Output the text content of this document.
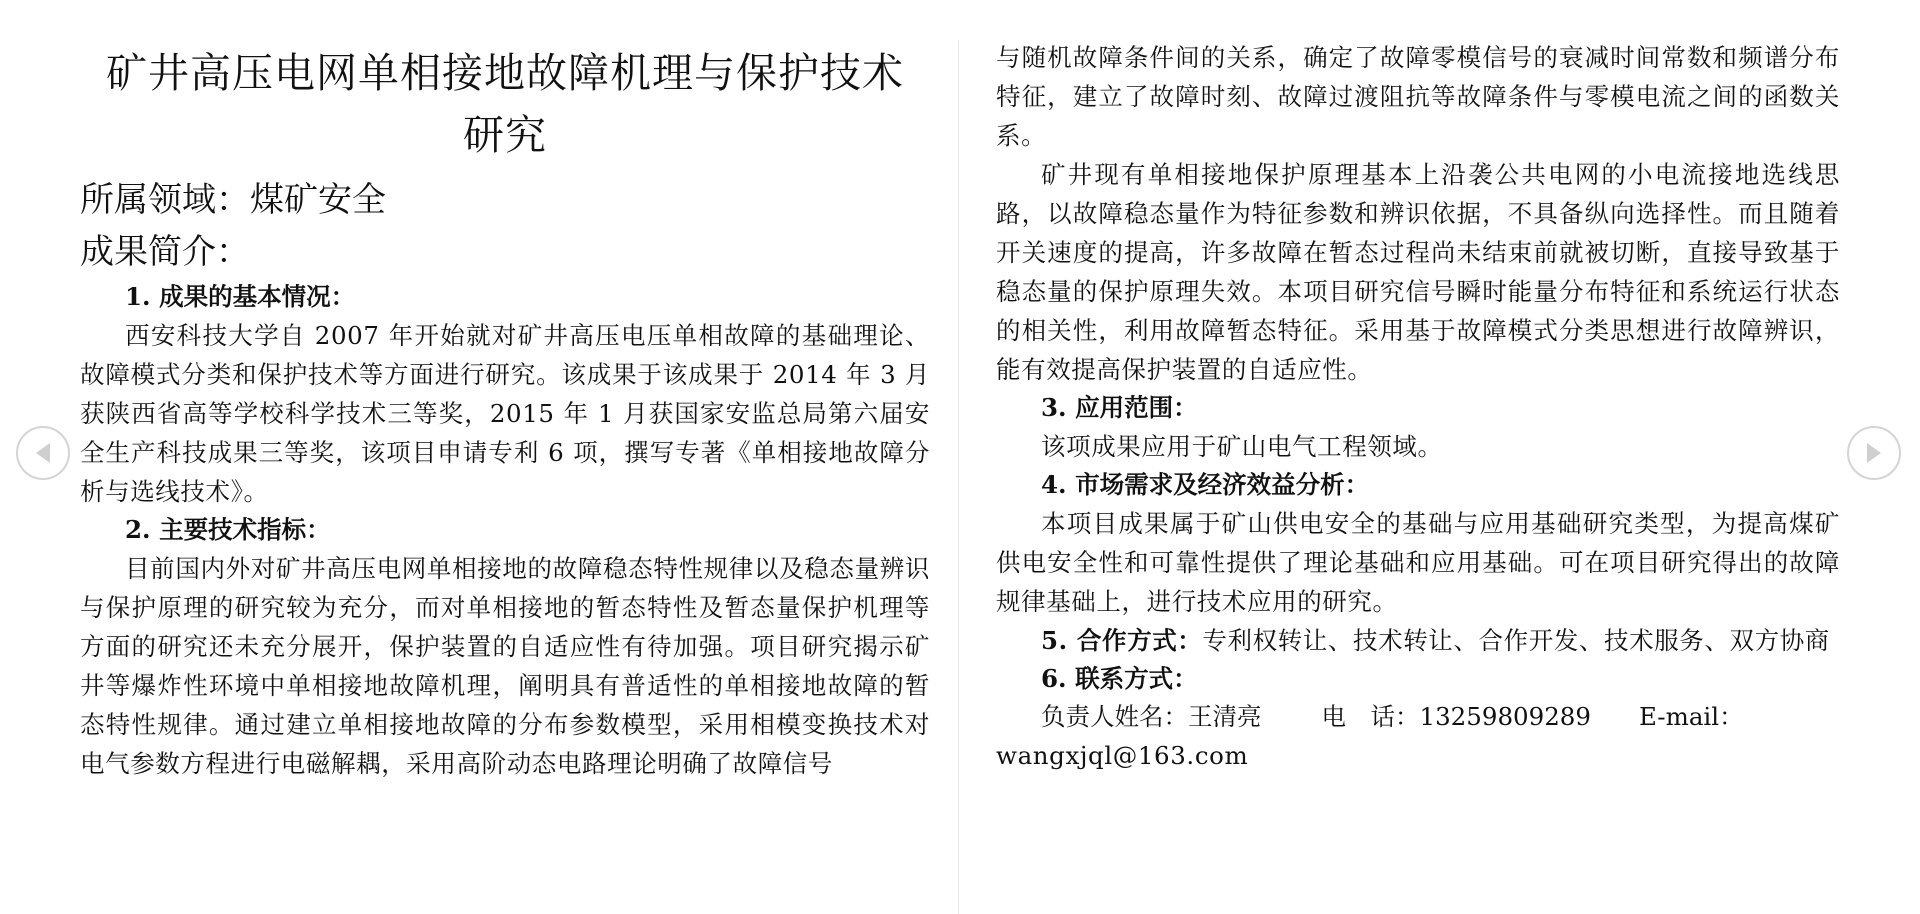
矿井高压电网单相接地故障机理与保护技术研究

所属领域：煤矿安全

成果简介：

1. 成果的基本情况：

西安科技大学自 2007 年开始就对矿井高压电压单相故障的基础理论、故障模式分类和保护技术等方面进行研究。该成果于该成果于 2014 年 3 月获陕西省高等学校科学技术三等奖，2015 年 1 月获国家安监总局第六届安全生产科技成果三等奖，该项目申请专利 6 项，撰写专著《单相接地故障分析与选线技术》。

2. 主要技术指标：

目前国内外对矿井高压电网单相接地的故障稳态特性规律以及稳态量辨识与保护原理的研究较为充分，而对单相接地的暂态特性及暂态量保护机理等方面的研究还未充分展开，保护装置的自适应性有待加强。项目研究揭示矿井等爆炸性环境中单相接地故障机理，阐明具有普适性的单相接地故障的暂态特性规律。通过建立单相接地故障的分布参数模型，采用相模变换技术对电气参数方程进行电磁解耦，采用高阶动态电路理论明确了故障信号

与随机故障条件间的关系，确定了故障零模信号的衰减时间常数和频谱分布特征，建立了故障时刻、故障过渡阻抗等故障条件与零模电流之间的函数关系。

矿井现有单相接地保护原理基本上沿袭公共电网的小电流接地选线思路，以故障稳态量作为特征参数和辨识依据，不具备纵向选择性。而且随着开关速度的提高，许多故障在暂态过程尚未结束前就被切断，直接导致基于稳态量的保护原理失效。本项目研究信号瞬时能量分布特征和系统运行状态的相关性，利用故障暂态特征。采用基于故障模式分类思想进行故障辨识，能有效提高保护装置的自适应性。

3. 应用范围：

该项成果应用于矿山电气工程领域。

4. 市场需求及经济效益分析：

本项目成果属于矿山供电安全的基础与应用基础研究类型，为提高煤矿供电安全性和可靠性提供了理论基础和应用基础。可在项目研究得出的故障规律基础上，进行技术应用的研究。

5. 合作方式：专利权转让、技术转让、合作开发、技术服务、双方协商

6. 联系方式：

负责人姓名：王清亮 电　话：13259809289 E-mail：

wangxjql@163.com
